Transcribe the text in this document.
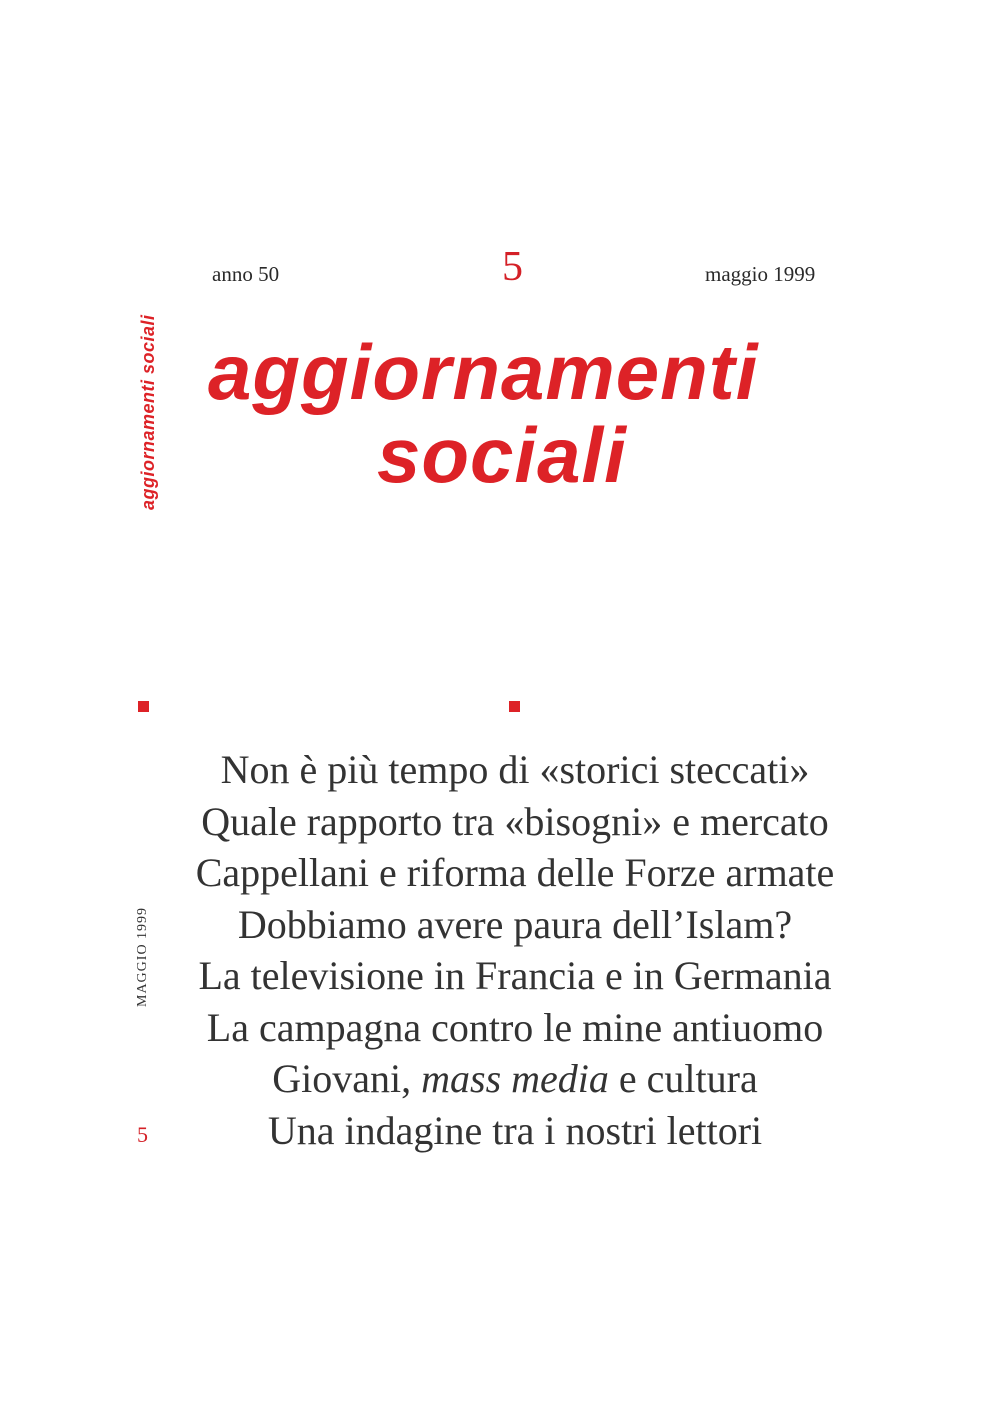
anno 50	5	maggio 1999
aggiornamenti
sociali
aggiornamenti sociali
MAGGIO 1999
5
Non è più tempo di «storici steccati»
Quale rapporto tra «bisogni» e mercato
Cappellani e riforma delle Forze armate
Dobbiamo avere paura dell’Islam?
La televisione in Francia e in Germania
La campagna contro le mine antiuomo
Giovani, mass media e cultura
Una indagine tra i nostri lettori
